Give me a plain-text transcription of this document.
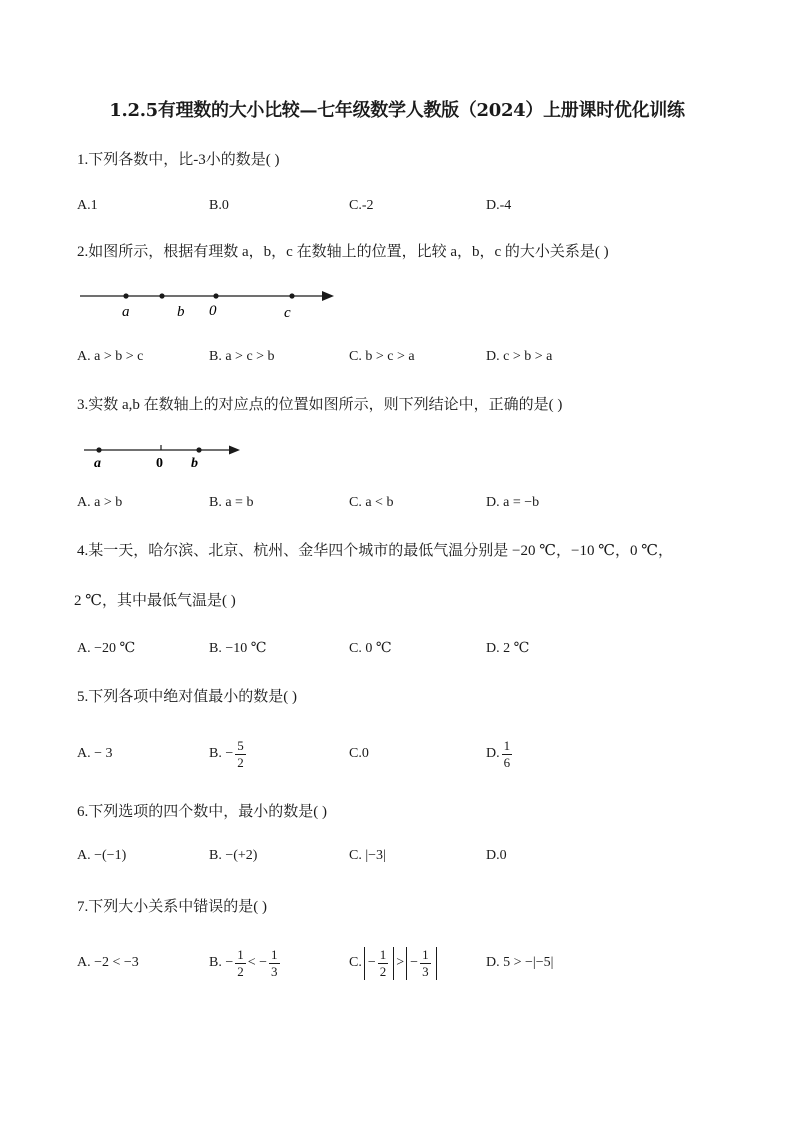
1.2.5有理数的大小比较—七年级数学人教版（2024）上册课时优化训练
1.下列各数中，比-3小的数是( )
A.1	B.0	C.-2	D.-4
2.如图所示，根据有理数 a，b，c 在数轴上的位置，比较 a，b，c 的大小关系是( )
a	b 0	c
A. a > b > c	B. a > c > b	C. b > c > a	D. c > b > a
3.实数 a,b 在数轴上的对应点的位置如图所示，则下列结论中，正确的是( )
a	0 b
A. a > b	B. a = b	C. a < b	D. a = −b
4.某一天，哈尔滨、北京、杭州、金华四个城市的最低气温分别是 −20 ℃，−10 ℃，0 ℃，
2 ℃，其中最低气温是( )
A. −20 ℃	B. −10 ℃	C. 0 ℃	D. 2 ℃
5.下列各项中绝对值最小的数是( )
A. − 3	B. − $\frac{5}{2}$	C.0	D. $\frac{1}{6}$
6.下列选项的四个数中，最小的数是( )
A. −(−1)	B. −(+2)	C. |−3|	D.0
7.下列大小关系中错误的是( )
A. −2 < −3	B. − $\frac{1}{2}$ < − $\frac{1}{3}$	C. − $\frac{1}{2}$ > − $\frac{1}{3}$	D. 5 > −|−5|
